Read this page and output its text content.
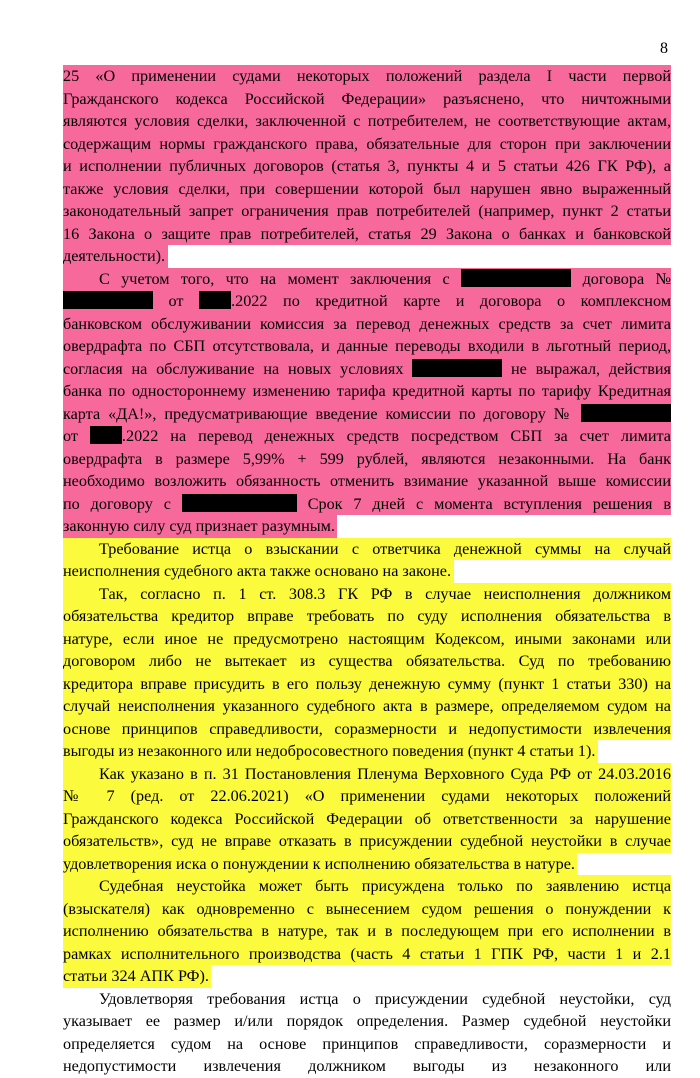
8
25 «О применении судами некоторых положений раздела I части первой
Гражданского кодекса Российской Федерации» разъяснено, что ничтожными
являются условия сделки, заключенной с потребителем, не соответствующие актам,
содержащим нормы гражданского права, обязательные для сторон при заключении
и исполнении публичных договоров (статья 3, пункты 4 и 5 статьи 426 ГК РФ), а
также условия сделки, при совершении которой был нарушен явно выраженный
законодательный запрет ограничения прав потребителей (например, пункт 2 статьи
16 Закона о защите прав потребителей, статья 29 Закона о банках и банковской
деятельности).
С учетом того, что на момент заключения с	договора №
от .2022 по кредитной карте и договора о комплексном
банковском обслуживании комиссия за перевод денежных средств за счет лимита
овердрафта по СБП отсутствовала, и данные переводы входили в льготный период,
согласия на обслуживание на новых условиях	не выражал, действия
банка по одностороннему изменению тарифа кредитной карты по тарифу Кредитная
карта «ДА!», предусматривающие введение комиссии по договору №
от .2022 на перевод денежных средств посредством СБП за счет лимита
овердрафта в размере 5,99% + 599 рублей, являются незаконными. На банк
необходимо возложить обязанность отменить взимание указанной выше комиссии
по договору с	Срок 7 дней с момента вступления решения в
законную силу суд признает разумным.
Требование истца о взыскании с ответчика денежной суммы на случай
неисполнения судебного акта также основано на законе.
Так, согласно п. 1 ст. 308.3 ГК РФ в случае неисполнения должником
обязательства кредитор вправе требовать по суду исполнения обязательства в
натуре, если иное не предусмотрено настоящим Кодексом, иными законами или
договором либо не вытекает из существа обязательства. Суд по требованию
кредитора вправе присудить в его пользу денежную сумму (пункт 1 статьи 330) на
случай неисполнения указанного судебного акта в размере, определяемом судом на
основе принципов справедливости, соразмерности и недопустимости извлечения
выгоды из незаконного или недобросовестного поведения (пункт 4 статьи 1).
Как указано в п. 31 Постановления Пленума Верховного Суда РФ от 24.03.2016
№ 7 (ред. от 22.06.2021) «О применении судами некоторых положений
Гражданского кодекса Российской Федерации об ответственности за нарушение
обязательств», суд не вправе отказать в присуждении судебной неустойки в случае
удовлетворения иска о понуждении к исполнению обязательства в натуре.
Судебная неустойка может быть присуждена только по заявлению истца
(взыскателя) как одновременно с вынесением судом решения о понуждении к
исполнению обязательства в натуре, так и в последующем при его исполнении в
рамках исполнительного производства (часть 4 статьи 1 ГПК РФ, части 1 и 2.1
статьи 324 АПК РФ).
Удовлетворяя требования истца о присуждении судебной неустойки, суд
указывает ее размер и/или порядок определения. Размер судебной неустойки
определяется судом на основе принципов справедливости, соразмерности и
недопустимости извлечения должником выгоды из незаконного или
